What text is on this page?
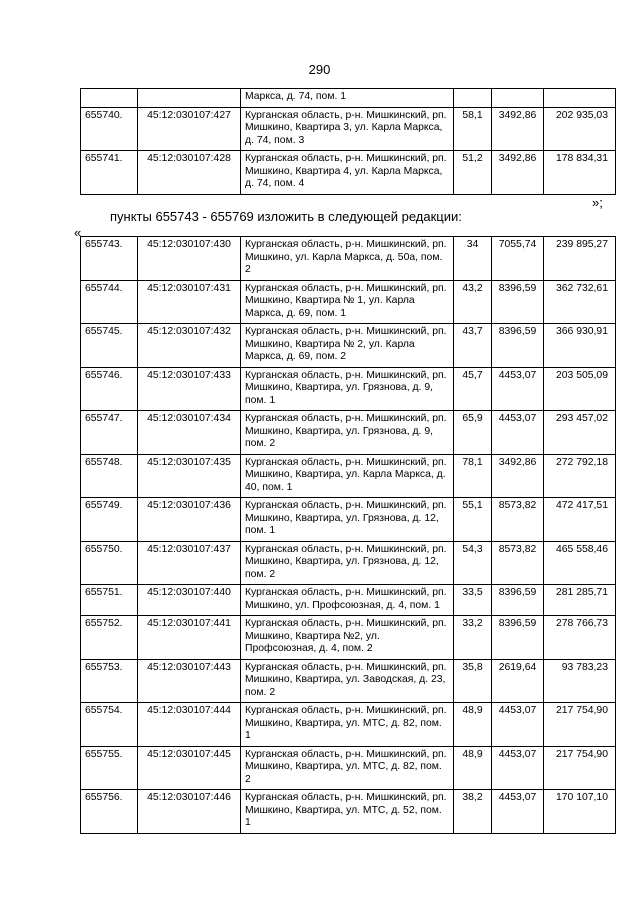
290
		Марксa, д. 74, пом. 1			
655740.	45:12:030107:427	Курганская область, р-н. Мишкинский, рп. Мишкино, Квартира 3, ул. Карла Маркса, д. 74, пом. 3	58,1	3492,86	202 935,03
655741.	45:12:030107:428	Курганская область, р-н. Мишкинский, рп. Мишкино, Квартира 4, ул. Карла Маркса, д. 74, пом. 4	51,2	3492,86	178 834,31
»;
пункты 655743 - 655769 изложить в следующей редакции:
«
655743.	45:12:030107:430	Курганская область, р-н. Мишкинский, рп. Мишкино, ул. Карла Маркса, д. 50а, пом. 2	34	7055,74	239 895,27
655744.	45:12:030107:431	Курганская область, р-н. Мишкинский, рп. Мишкино, Квартира № 1, ул. Карла Маркса, д. 69, пом. 1	43,2	8396,59	362 732,61
655745.	45:12:030107:432	Курганская область, р-н. Мишкинский, рп. Мишкино, Квартира № 2, ул. Карла Маркса, д. 69, пом. 2	43,7	8396,59	366 930,91
655746.	45:12:030107:433	Курганская область, р-н. Мишкинский, рп. Мишкино, Квартира, ул. Грязнова, д. 9, пом. 1	45,7	4453,07	203 505,09
655747.	45:12:030107:434	Курганская область, р-н. Мишкинский, рп. Мишкино, Квартира, ул. Грязнова, д. 9, пом. 2	65,9	4453,07	293 457,02
655748.	45:12:030107:435	Курганская область, р-н. Мишкинский, рп. Мишкино, Квартира, ул. Карла Маркса, д. 40, пом. 1	78,1	3492,86	272 792,18
655749.	45:12:030107:436	Курганская область, р-н. Мишкинский, рп. Мишкино, Квартира, ул. Грязнова, д. 12, пом. 1	55,1	8573,82	472 417,51
655750.	45:12:030107:437	Курганская область, р-н. Мишкинский, рп. Мишкино, Квартира, ул. Грязнова, д. 12, пом. 2	54,3	8573,82	465 558,46
655751.	45:12:030107:440	Курганская область, р-н. Мишкинский, рп. Мишкино, ул. Профсоюзная, д. 4, пом. 1	33,5	8396,59	281 285,71
655752.	45:12:030107:441	Курганская область, р-н. Мишкинский, рп. Мишкино, Квартира №2, ул. Профсоюзная, д. 4, пом. 2	33,2	8396,59	278 766,73
655753.	45:12:030107:443	Курганская область, р-н. Мишкинский, рп. Мишкино, Квартира, ул. Заводская, д. 23, пом. 2	35,8	2619,64	93 783,23
655754.	45:12:030107:444	Курганская область, р-н. Мишкинский, рп. Мишкино, Квартира, ул. МТС, д. 82, пом. 1	48,9	4453,07	217 754,90
655755.	45:12:030107:445	Курганская область, р-н. Мишкинский, рп. Мишкино, Квартира, ул. МТС, д. 82, пом. 2	48,9	4453,07	217 754,90
655756.	45:12:030107:446	Курганская область, р-н. Мишкинский, рп. Мишкино, Квартира, ул. МТС, д. 52, пом. 1	38,2	4453,07	170 107,10
